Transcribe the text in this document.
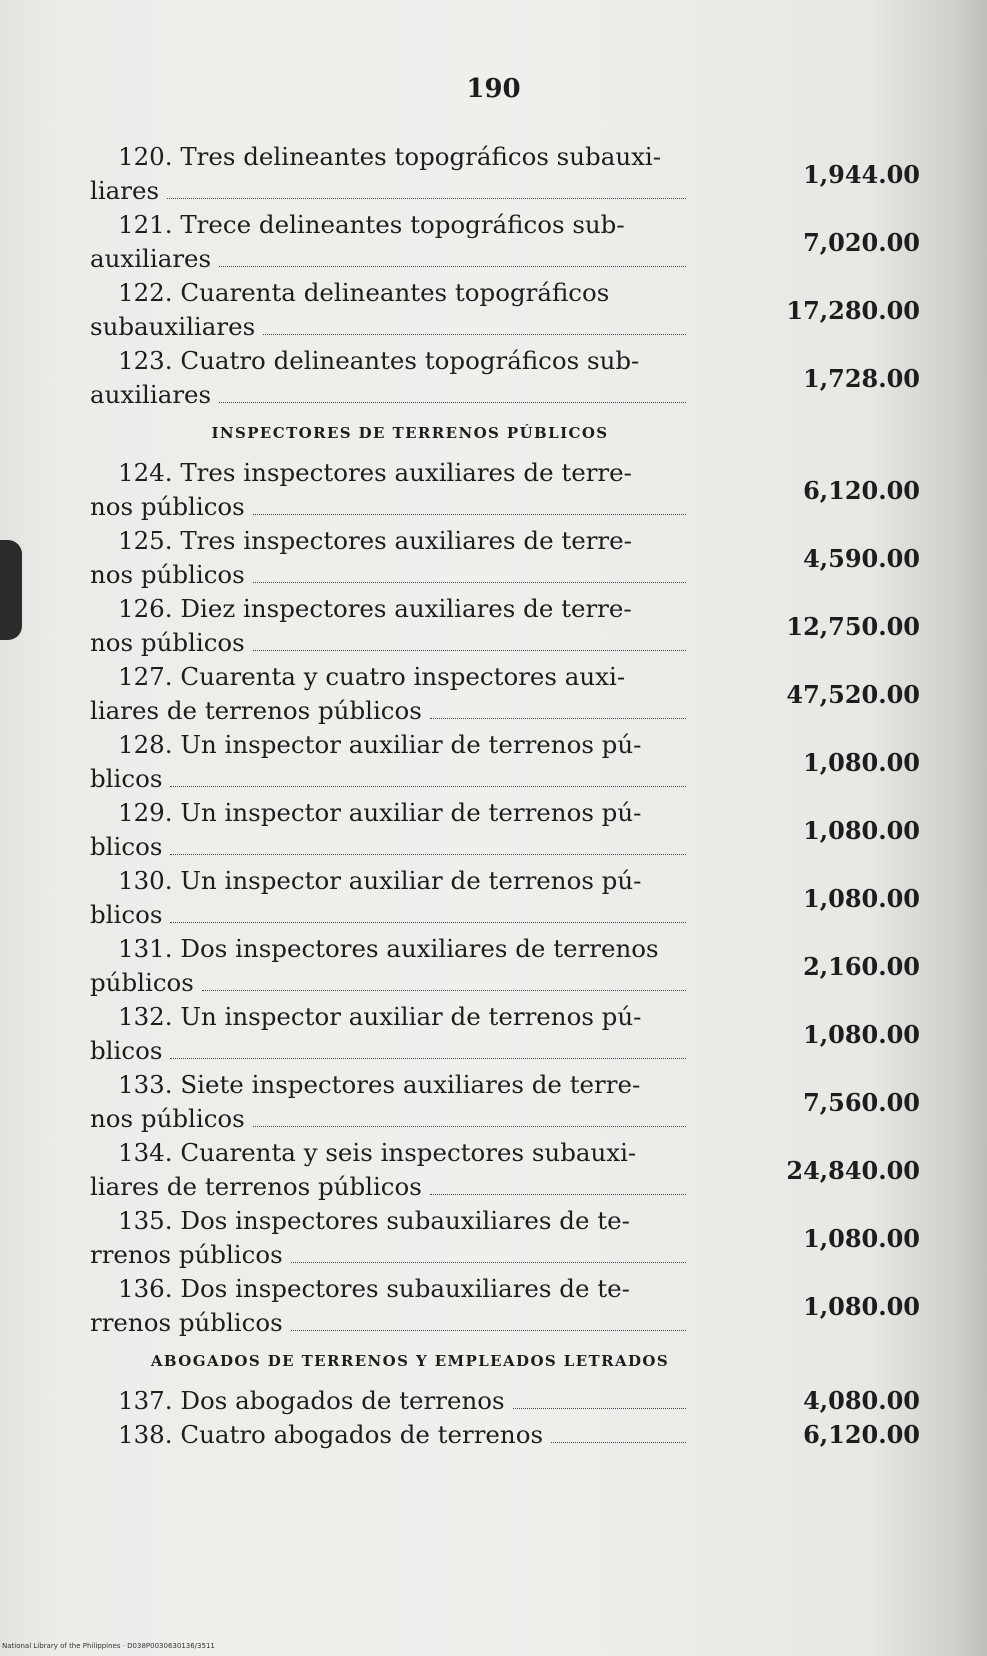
190
120. Tres delineantes topográficos subauxi-
liares
1,944.00
121. Trece delineantes topográficos sub-
auxiliares
7,020.00
122. Cuarenta delineantes topográficos
subauxiliares
17,280.00
123. Cuatro delineantes topográficos sub-
auxiliares
1,728.00
INSPECTORES DE TERRENOS PÚBLICOS
124. Tres inspectores auxiliares de terre-
nos públicos
6,120.00
125. Tres inspectores auxiliares de terre-
nos públicos
4,590.00
126. Diez inspectores auxiliares de terre-
nos públicos
12,750.00
127. Cuarenta y cuatro inspectores auxi-
liares de terrenos públicos
47,520.00
128. Un inspector auxiliar de terrenos pú-
blicos
1,080.00
129. Un inspector auxiliar de terrenos pú-
blicos
1,080.00
130. Un inspector auxiliar de terrenos pú-
blicos
1,080.00
131. Dos inspectores auxiliares de terrenos
públicos
2,160.00
132. Un inspector auxiliar de terrenos pú-
blicos
1,080.00
133. Siete inspectores auxiliares de terre-
nos públicos
7,560.00
134. Cuarenta y seis inspectores subauxi-
liares de terrenos públicos
24,840.00
135. Dos inspectores subauxiliares de te-
rrenos públicos
1,080.00
136. Dos inspectores subauxiliares de te-
rrenos públicos
1,080.00
ABOGADOS DE TERRENOS Y EMPLEADOS LETRADOS
137. Dos abogados de terrenos	4,080.00
138. Cuatro abogados de terrenos	6,120.00
National Library of the Philippines · D038P0030630136/3511
